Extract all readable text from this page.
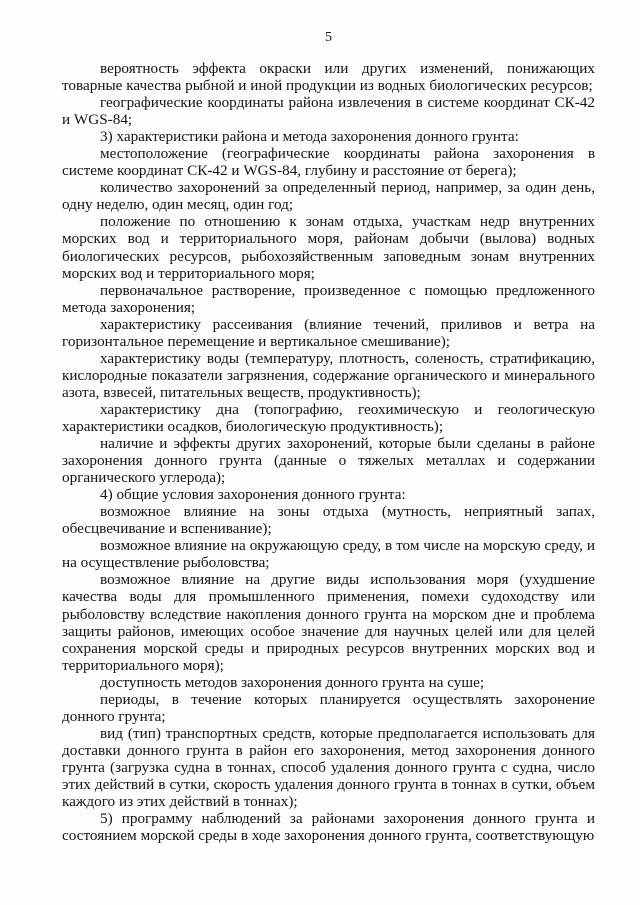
5

вероятность эффекта окраски или других изменений, понижающих товарные качества рыбной и иной продукции из водных биологических ресурсов;

географические координаты района извлечения в системе координат СК-42 и WGS-84;

3) характеристики района и метода захоронения донного грунта:

местоположение (географические координаты района захоронения в системе координат СК-42 и WGS-84, глубину и расстояние от берега);

количество захоронений за определенный период, например, за один день, одну неделю, один месяц, один год;

положение по отношению к зонам отдыха, участкам недр внутренних морских вод и территориального моря, районам добычи (вылова) водных биологических ресурсов, рыбохозяйственным заповедным зонам внутренних морских вод и территориального моря;

первоначальное растворение, произведенное с помощью предложенного метода захоронения;

характеристику рассеивания (влияние течений, приливов и ветра на горизонтальное перемещение и вертикальное смешивание);

характеристику воды (температуру, плотность, соленость, стратификацию, кислородные показатели загрязнения, содержание органического и минерального азота, взвесей, питательных веществ, продуктивность);

характеристику дна (топографию, геохимическую и геологическую характеристики осадков, биологическую продуктивность);

наличие и эффекты других захоронений, которые были сделаны в районе захоронения донного грунта (данные о тяжелых металлах и содержании органического углерода);

4) общие условия захоронения донного грунта:

возможное влияние на зоны отдыха (мутность, неприятный запах, обесцвечивание и вспенивание);

возможное влияние на окружающую среду, в том числе на морскую среду, и на осуществление рыболовства;

возможное влияние на другие виды использования моря (ухудшение качества воды для промышленного применения, помехи судоходству или рыболовству вследствие накопления донного грунта на морском дне и проблема защиты районов, имеющих особое значение для научных целей или для целей сохранения морской среды и природных ресурсов внутренних морских вод и территориального моря);

доступность методов захоронения донного грунта на суше;

периоды, в течение которых планируется осуществлять захоронение донного грунта;

вид (тип) транспортных средств, которые предполагается использовать для доставки донного грунта в район его захоронения, метод захоронения донного грунта (загрузка судна в тоннах, способ удаления донного грунта с судна, число этих действий в сутки, скорость удаления донного грунта в тоннах в сутки, объем каждого из этих действий в тоннах);

5) программу наблюдений за районами захоронения донного грунта и состоянием морской среды в ходе захоронения донного грунта, соответствующую
